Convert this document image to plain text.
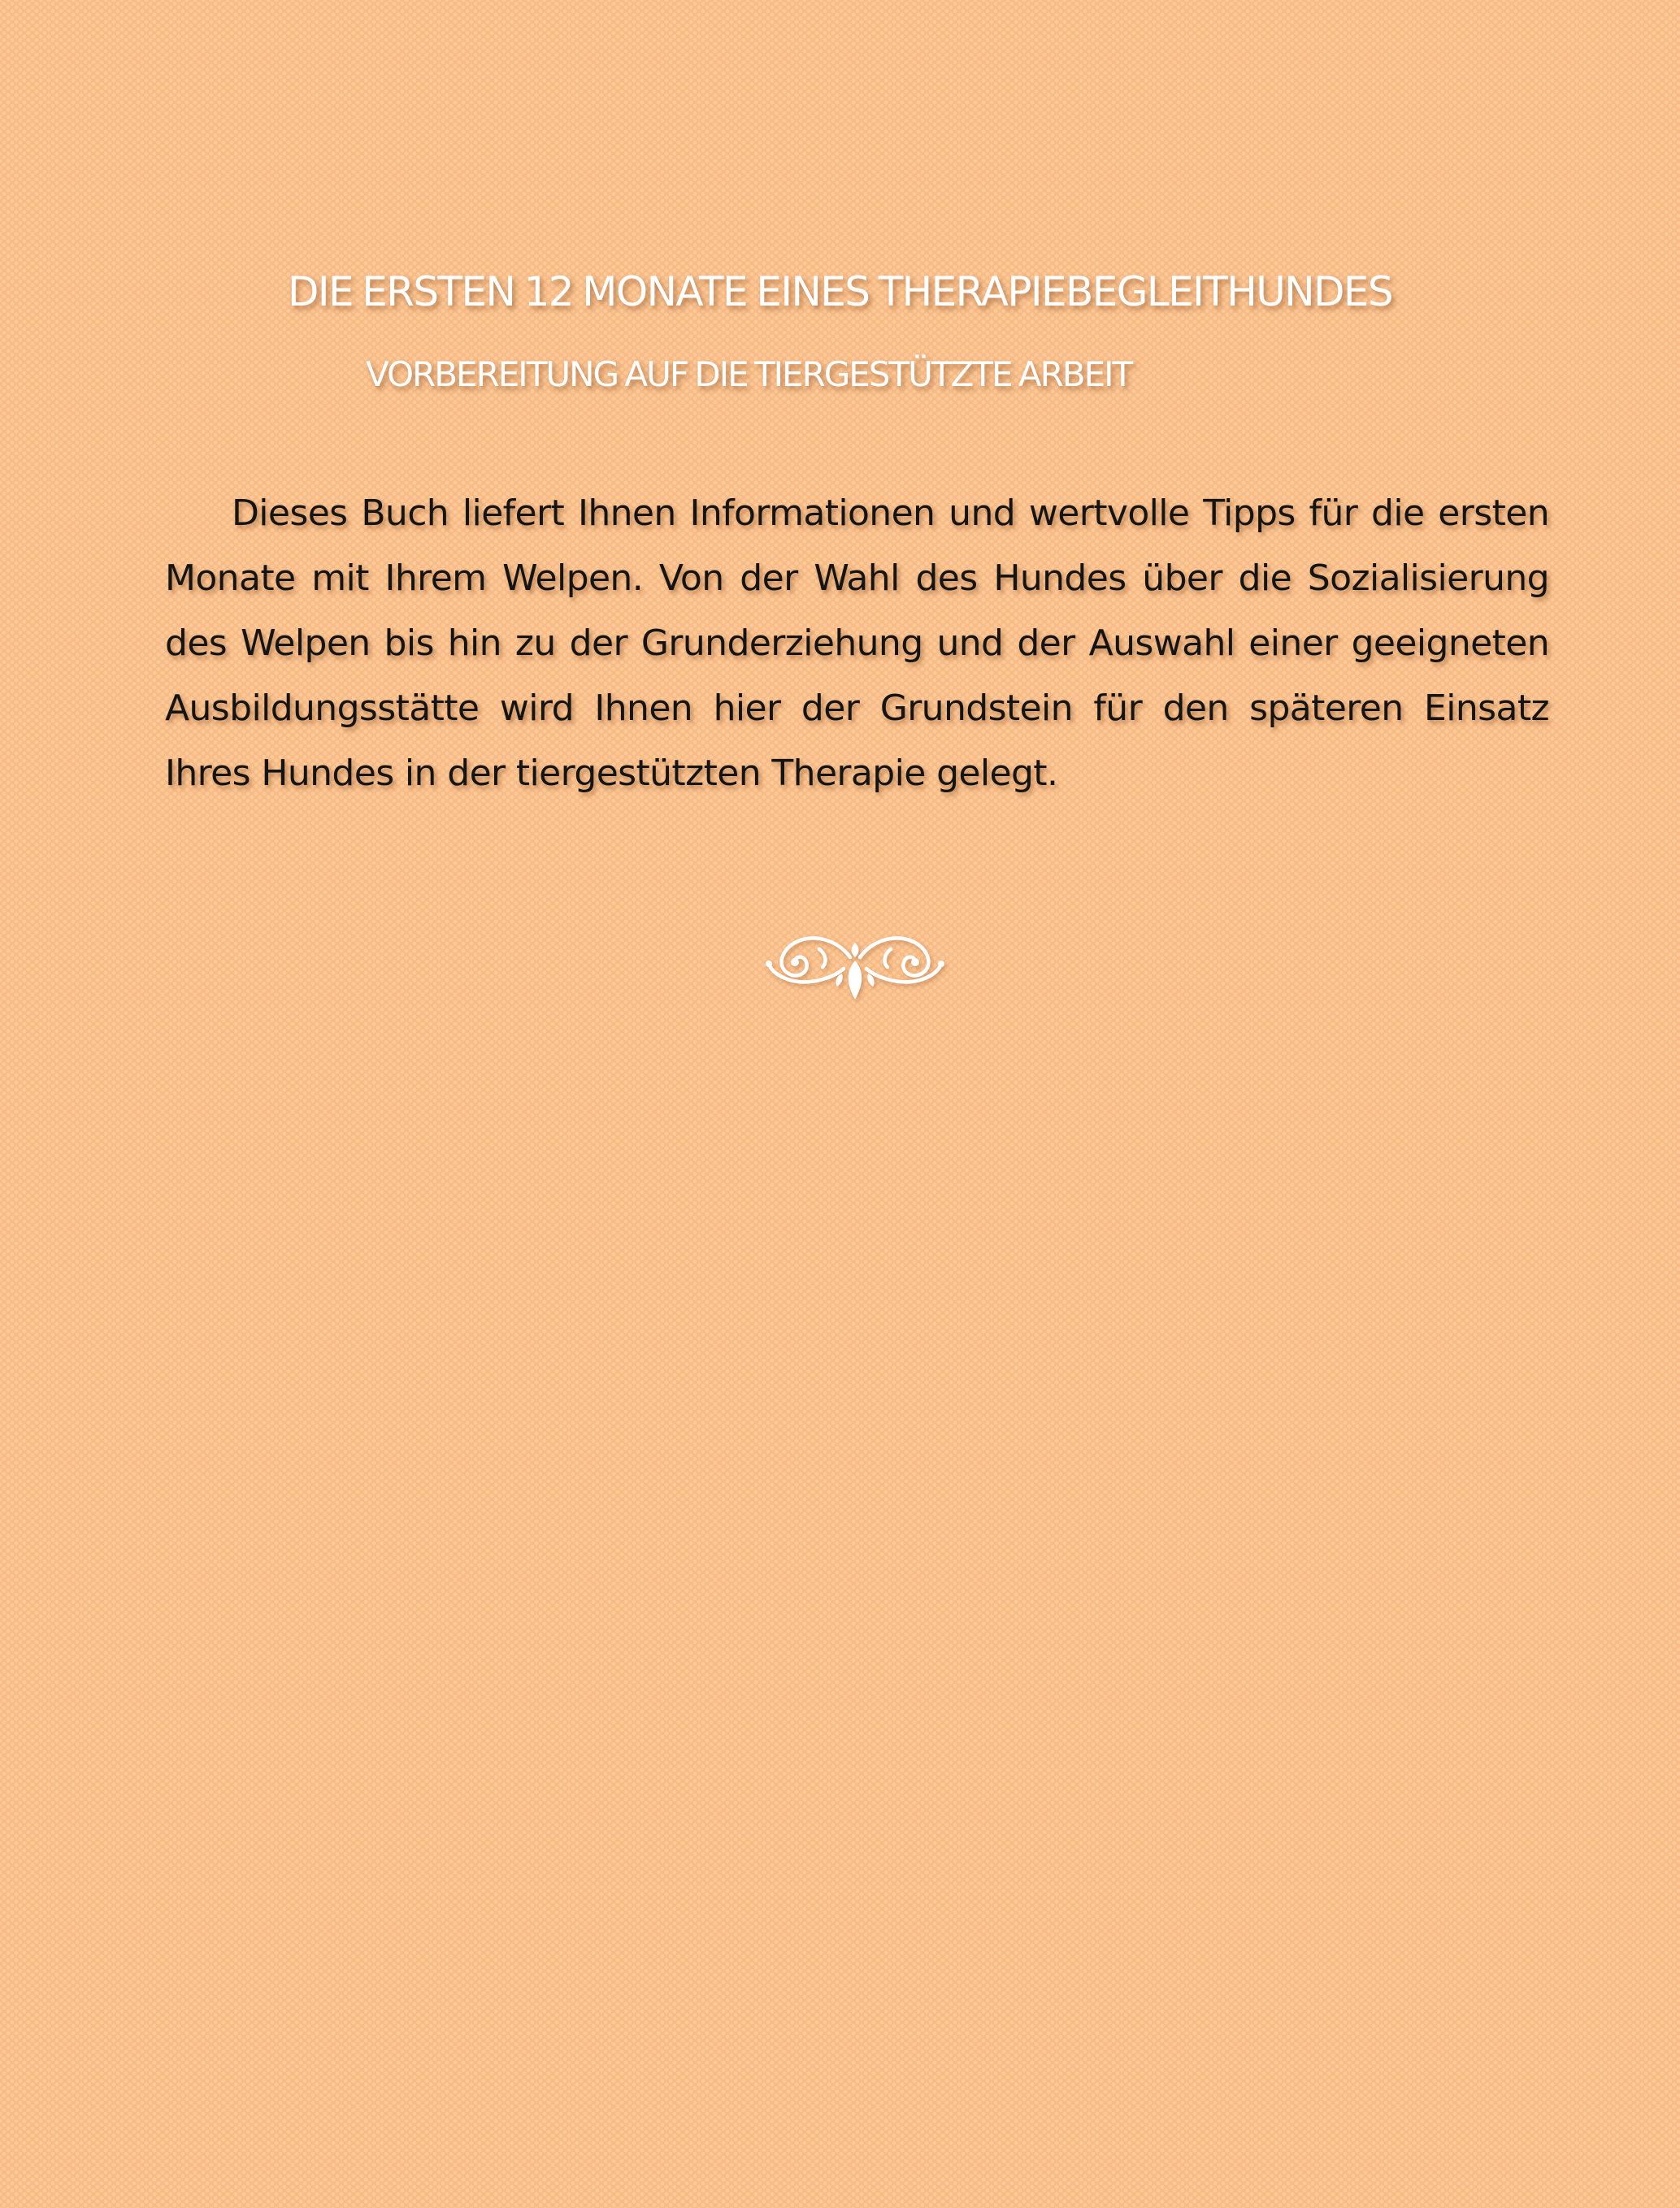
DIE ERSTEN 12 MONATE EINES THERAPIEBEGLEITHUNDES
VORBEREITUNG AUF DIE TIERGESTÜTZTE ARBEIT

Dieses Buch liefert Ihnen Informationen und wertvolle Tipps für die ersten Monate mit Ihrem Welpen. Von der Wahl des Hundes über die Sozialisierung des Welpen bis hin zu der Grunderziehung und der Auswahl einer geeigneten Ausbildungsstätte wird Ihnen hier der Grundstein für den späteren Einsatz Ihres Hundes in der tiergestützten Therapie gelegt.
